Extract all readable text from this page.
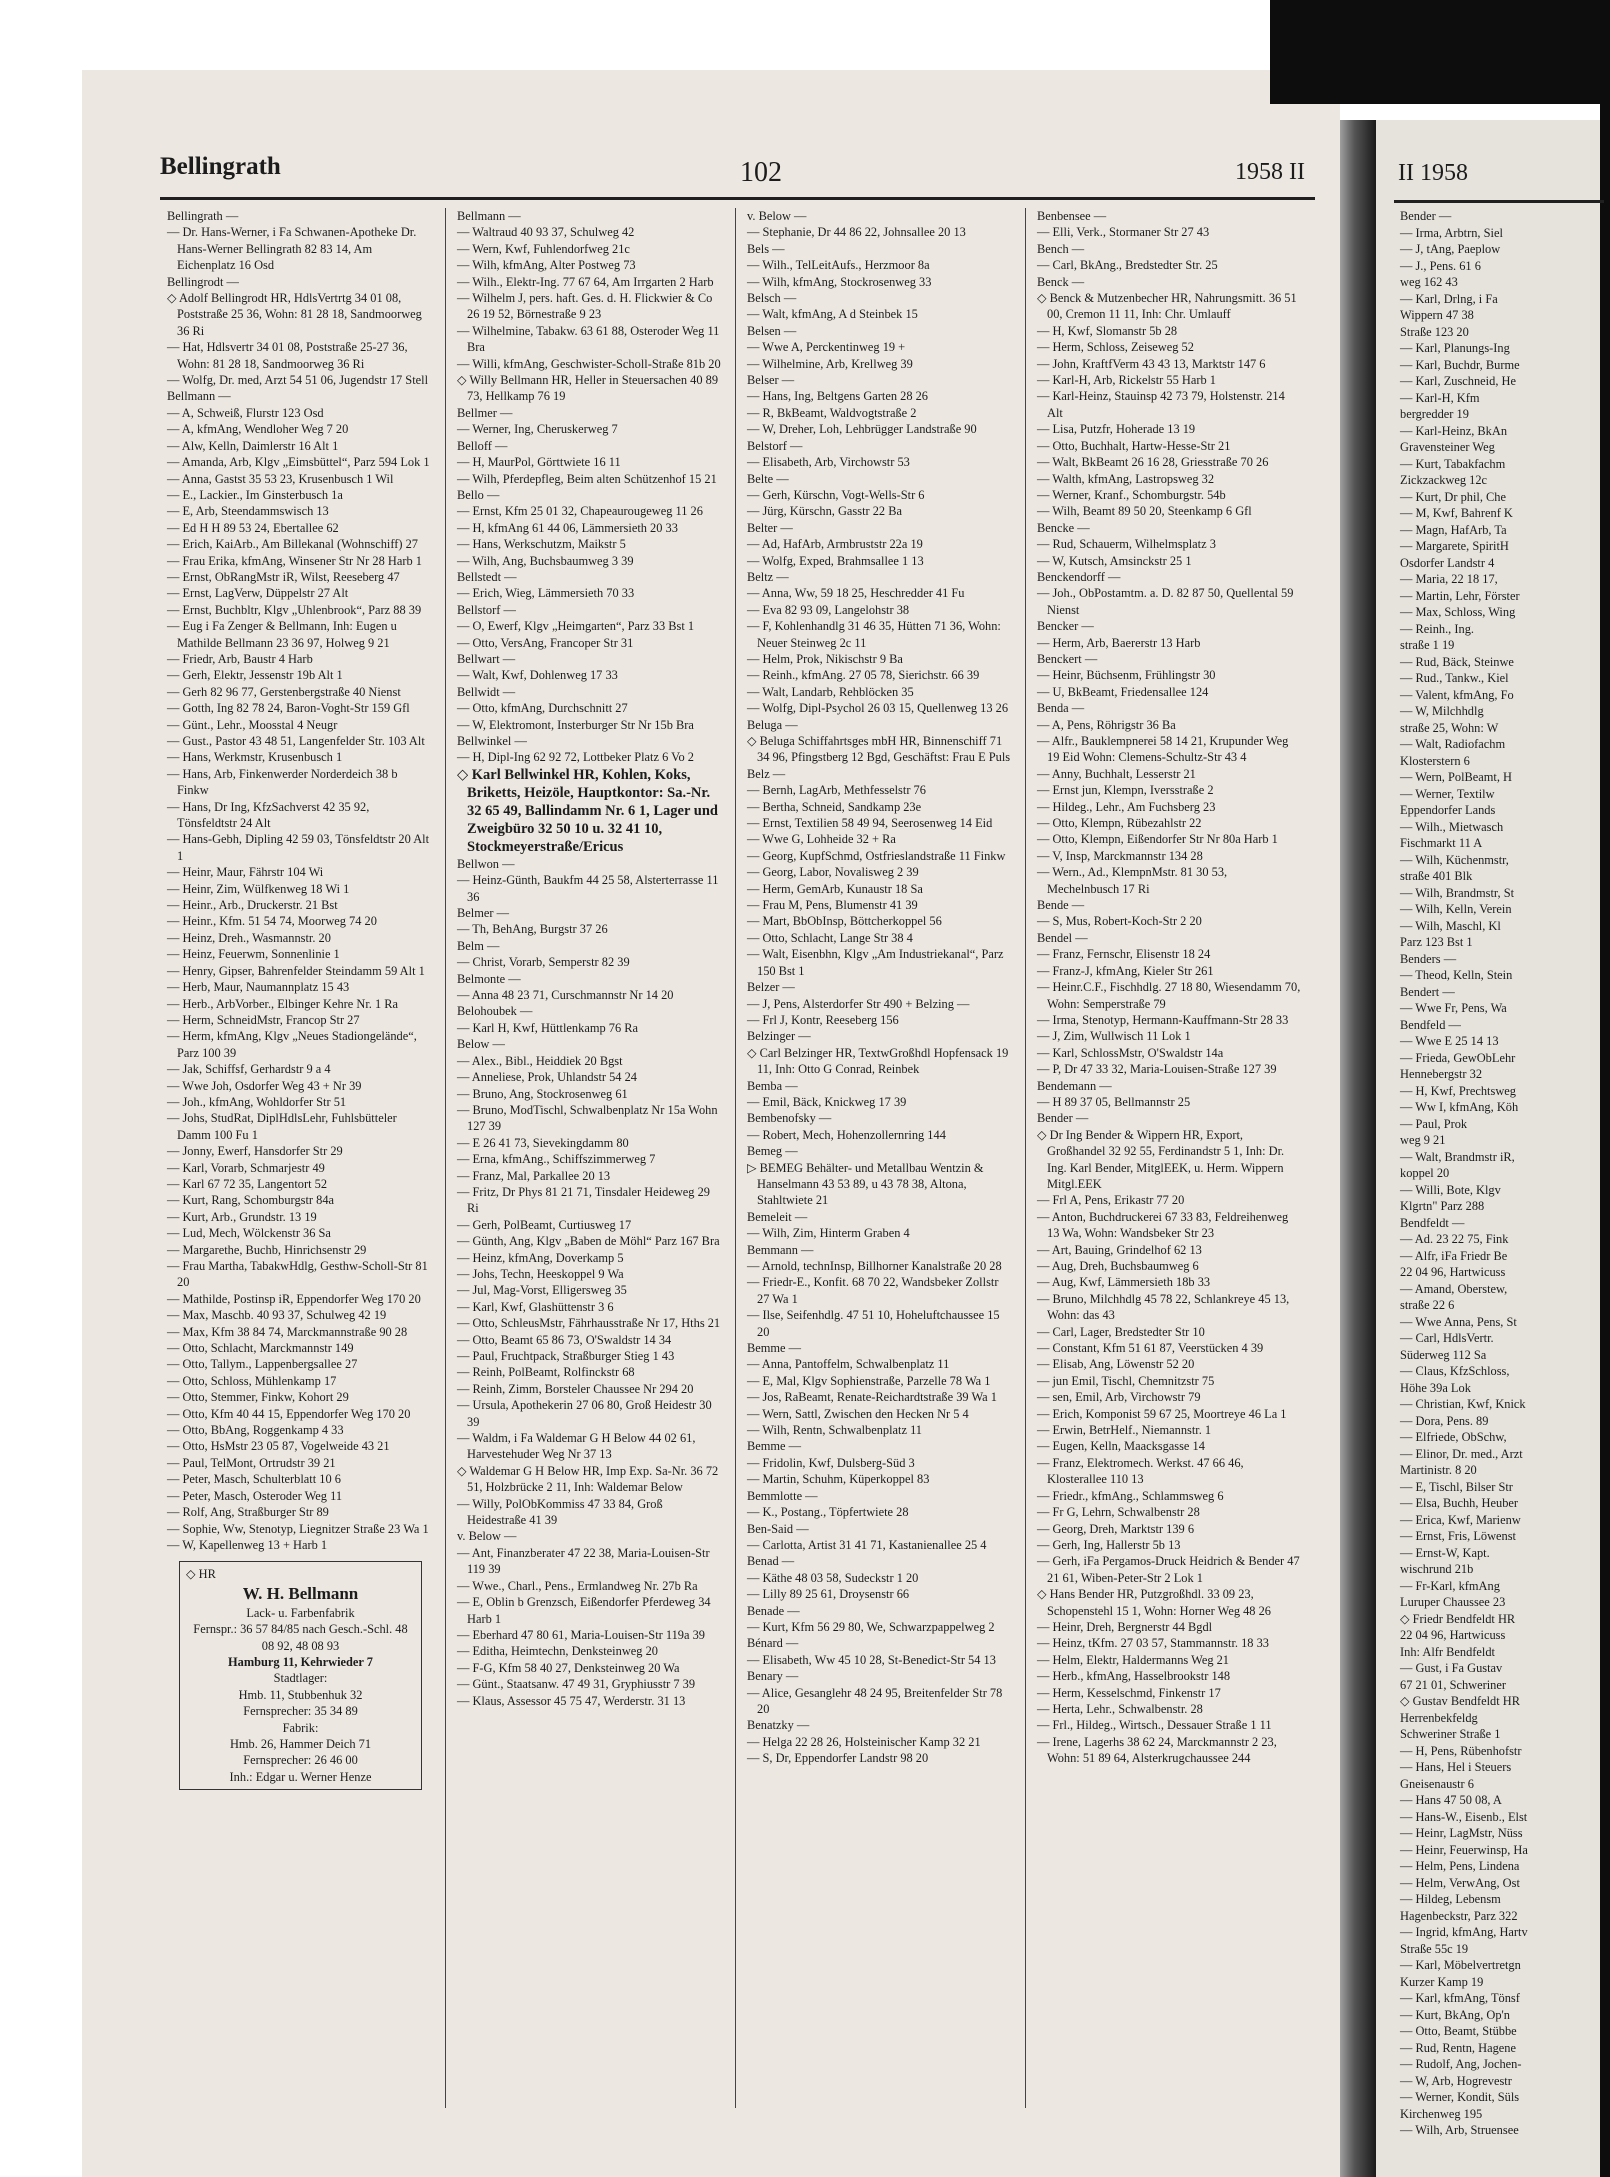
II 1958

Bender —

— Irma, Arbtrn, Siel

— J, tAng, Paeplow

— J., Pens. 61 6

weg 162 43

— Karl, Drlng, i Fa

Wippern 47 38

Straße 123 20

— Karl, Planungs-Ing

— Karl, Buchdr, Burme

— Karl, Zuschneid, He

— Karl-H, Kfm

bergredder 19

— Karl-Heinz, BkAn

Gravensteiner Weg

— Kurt, Tabakfachm

Zickzackweg 12c

— Kurt, Dr phil, Che

— M, Kwf, Bahrenf K

— Magn, HafArb, Ta

— Margarete, SpiritH

Osdorfer Landstr 4

— Maria, 22 18 17,

— Martin, Lehr, Förster

— Max, Schloss, Wing

— Reinh., Ing.

straße 1 19

— Rud, Bäck, Steinwe

— Rud., Tankw., Kiel

— Valent, kfmAng, Fo

— W, Milchhdlg

straße 25, Wohn: W

— Walt, Radiofachm

Klosterstern 6

— Wern, PolBeamt, H

— Werner, Textilw

Eppendorfer Lands

— Wilh., Mietwasch

Fischmarkt 11 A

— Wilh, Küchenmstr,

straße 401 Blk

— Wilh, Brandmstr, St

— Wilh, Kelln, Verein

— Wilh, Maschl, Kl

Parz 123 Bst 1

Benders —

— Theod, Kelln, Stein

Bendert —

— Wwe Fr, Pens, Wa

Bendfeld —

— Wwe E 25 14 13

— Frieda, GewObLehr

Hennebergstr 32

— H, Kwf, Prechtsweg

— Ww I, kfmAng, Köh

— Paul, Prok

weg 9 21

— Walt, Brandmstr iR,

koppel 20

— Willi, Bote, Klgv

Klgrtn" Parz 288

Bendfeldt —

— Ad. 23 22 75, Fink

— Alfr, iFa Friedr Be

22 04 96, Hartwicuss

— Amand, Oberstew,

straße 22 6

— Wwe Anna, Pens, St

— Carl, HdlsVertr.

Süderweg 112 Sa

— Claus, KfzSchloss,

Höhe 39a Lok

— Christian, Kwf, Knick

— Dora, Pens. 89

— Elfriede, ObSchw,

— Elinor, Dr. med., Arzt

Martinistr. 8 20

— E, Tischl, Bilser Str

— Elsa, Buchh, Heuber

— Erica, Kwf, Marienw

— Ernst, Fris, Löwenst

— Ernst-W, Kapt.

wischrund 21b

— Fr-Karl, kfmAng

Luruper Chaussee 23

◇ Friedr Bendfeldt HR

22 04 96, Hartwicuss

Inh: Alfr Bendfeldt

— Gust, i Fa Gustav

67 21 01, Schweriner

◇ Gustav Bendfeldt HR

Herrenbekfeldg

Schweriner Straße 1

— H, Pens, Rübenhofstr

— Hans, Hel i Steuers

Gneisenaustr 6

— Hans 47 50 08, A

— Hans-W., Eisenb., Elst

— Heinr, LagMstr, Nüss

— Heinr, Feuerwinsp, Ha

— Helm, Pens, Lindena

— Helm, VerwAng, Ost

— Hildeg, Lebensm

Hagenbeckstr, Parz 322

— Ingrid, kfmAng, Hartv

Straße 55c 19

— Karl, Möbelvertretgn

Kurzer Kamp 19

— Karl, kfmAng, Tönsf

— Kurt, BkAng, Op'n

— Otto, Beamt, Stübbe

— Rud, Rentn, Hagene

— Rudolf, Ang, Jochen-

— W, Arb, Hogrevestr

— Werner, Kondit, Süls

Kirchenweg 195

— Wilh, Arb, Struensee

Bellingrath	102	1958 II

Bellingrath —

— Dr. Hans-Werner, i Fa Schwanen-Apotheke Dr. Hans-Werner Bellingrath 82 83 14, Am Eichenplatz 16 Osd

Bellingrodt —

◇ Adolf Bellingrodt HR, HdlsVertrtg 34 01 08, Poststraße 25 36, Wohn: 81 28 18, Sandmoorweg 36 Ri

— Hat, Hdlsvertr 34 01 08, Poststraße 25-27 36, Wohn: 81 28 18, Sandmoorweg 36 Ri

— Wolfg, Dr. med, Arzt 54 51 06, Jugendstr 17 Stell

Bellmann —

— A, Schweiß, Flurstr 123 Osd

— A, kfmAng, Wendloher Weg 7 20

— Alw, Kelln, Daimlerstr 16 Alt 1

— Amanda, Arb, Klgv „Eimsbüttel“, Parz 594 Lok 1

— Anna, Gastst 35 53 23, Krusenbusch 1 Wil

— E., Lackier., Im Ginsterbusch 1a

— E, Arb, Steendammswisch 13

— Ed H H 89 53 24, Ebertallee 62

— Erich, KaiArb., Am Billekanal (Wohnschiff) 27

— Frau Erika, kfmAng, Winsener Str Nr 28 Harb 1

— Ernst, ObRangMstr iR, Wilst, Reeseberg 47

— Ernst, LagVerw, Düppelstr 27 Alt

— Ernst, Buchbltr, Klgv „Uhlenbrook“, Parz 88 39

— Eug i Fa Zenger & Bellmann, Inh: Eugen u Mathilde Bellmann 23 36 97, Holweg 9 21

— Friedr, Arb, Baustr 4 Harb

— Gerh, Elektr, Jessenstr 19b Alt 1

— Gerh 82 96 77, Gerstenbergstraße 40 Nienst

— Gotth, Ing 82 78 24, Baron-Voght-Str 159 Gfl

— Günt., Lehr., Moosstal 4 Neugr

— Gust., Pastor 43 48 51, Langenfelder Str. 103 Alt

— Hans, Werkmstr, Krusenbusch 1

— Hans, Arb, Finkenwerder Norderdeich 38 b Finkw

— Hans, Dr Ing, KfzSachverst 42 35 92, Tönsfeldtstr 24 Alt

— Hans-Gebh, Dipling 42 59 03, Tönsfeldtstr 20 Alt 1

— Heinr, Maur, Fährstr 104 Wi

— Heinr, Zim, Wülfkenweg 18 Wi 1

— Heinr., Arb., Druckerstr. 21 Bst

— Heinr., Kfm. 51 54 74, Moorweg 74 20

— Heinz, Dreh., Wasmannstr. 20

— Heinz, Feuerwm, Sonnenlinie 1

— Henry, Gipser, Bahrenfelder Steindamm 59 Alt 1

— Herb, Maur, Naumannplatz 15 43

— Herb., ArbVorber., Elbinger Kehre Nr. 1 Ra

— Herm, SchneidMstr, Francop Str 27

— Herm, kfmAng, Klgv „Neues Stadiongelände“, Parz 100 39

— Jak, Schiffsf, Gerhardstr 9 a 4

— Wwe Joh, Osdorfer Weg 43 + Nr 39

— Joh., kfmAng, Wohldorfer Str 51

— Johs, StudRat, DiplHdlsLehr, Fuhlsbütteler Damm 100 Fu 1

— Jonny, Ewerf, Hansdorfer Str 29

— Karl, Vorarb, Schmarjestr 49

— Karl 67 72 35, Langentort 52

— Kurt, Rang, Schomburgstr 84a

— Kurt, Arb., Grundstr. 13 19

— Lud, Mech, Wölckenstr 36 Sa

— Margarethe, Buchb, Hinrichsenstr 29

— Frau Martha, TabakwHdlg, Gesthw-Scholl-Str 81 20

— Mathilde, Postinsp iR, Eppendorfer Weg 170 20

— Max, Maschb. 40 93 37, Schulweg 42 19

— Max, Kfm 38 84 74, Marckmannstraße 90 28

— Otto, Schlacht, Marckmannstr 149

— Otto, Tallym., Lappenbergsallee 27

— Otto, Schloss, Mühlenkamp 17

— Otto, Stemmer, Finkw, Kohort 29

— Otto, Kfm 40 44 15, Eppendorfer Weg 170 20

— Otto, BbAng, Roggenkamp 4 33

— Otto, HsMstr 23 05 87, Vogelweide 43 21

— Paul, TelMont, Ortrudstr 39 21

— Peter, Masch, Schulterblatt 10 6

— Peter, Masch, Osteroder Weg 11

— Rolf, Ang, Straßburger Str 89

— Sophie, Ww, Stenotyp, Liegnitzer Straße 23 Wa 1

— W, Kapellenweg 13 + Harb 1

◇ HR
W. H. Bellmann
Lack- u. Farbenfabrik
Fernspr.: 36 57 84/85 nach Gesch.-Schl. 48 08 92, 48 08 93
Hamburg 11, Kehrwieder 7
Stadtlager:
Hmb. 11, Stubbenhuk 32
Fernsprecher: 35 34 89
Fabrik:
Hmb. 26, Hammer Deich 71
Fernsprecher: 26 46 00
Inh.: Edgar u. Werner Henze

Bellmann —

— Waltraud 40 93 37, Schulweg 42

— Wern, Kwf, Fuhlendorfweg 21c

— Wilh, kfmAng, Alter Postweg 73

— Wilh., Elektr-Ing. 77 67 64, Am Irrgarten 2 Harb

— Wilhelm J, pers. haft. Ges. d. H. Flickwier & Co 26 19 52, Börnestraße 9 23

— Wilhelmine, Tabakw. 63 61 88, Osteroder Weg 11 Bra

— Willi, kfmAng, Geschwister-Scholl-Straße 81b 20

◇ Willy Bellmann HR, Heller in Steuersachen 40 89 73, Hellkamp 76 19

Bellmer —

— Werner, Ing, Cheruskerweg 7

Belloff —

— H, MaurPol, Görttwiete 16 11

— Wilh, Pferdepfleg, Beim alten Schützenhof 15 21

Bello —

— Ernst, Kfm 25 01 32, Chapeaurougeweg 11 26

— H, kfmAng 61 44 06, Lämmersieth 20 33

— Hans, Werkschutzm, Maikstr 5

— Wilh, Ang, Buchsbaumweg 3 39

Bellstedt —

— Erich, Wieg, Lämmersieth 70 33

Bellstorf —

— O, Ewerf, Klgv „Heimgarten“, Parz 33 Bst 1

— Otto, VersAng, Francoper Str 31

Bellwart —

— Walt, Kwf, Dohlenweg 17 33

Bellwidt —

— Otto, kfmAng, Durchschnitt 27

— W, Elektromont, Insterburger Str Nr 15b Bra

Bellwinkel —

— H, Dipl-Ing 62 92 72, Lottbeker Platz 6 Vo 2

◇ Karl Bellwinkel HR, Kohlen, Koks, Briketts, Heizöle, Hauptkontor: Sa.-Nr. 32 65 49, Ballindamm Nr. 6 1, Lager und Zweigbüro 32 50 10 u. 32 41 10, Stockmeyerstraße/Ericus

Bellwon —

— Heinz-Günth, Baukfm 44 25 58, Alsterterrasse 11 36

Belmer —

— Th, BehAng, Burgstr 37 26

Belm —

— Christ, Vorarb, Semperstr 82 39

Belmonte —

— Anna 48 23 71, Curschmannstr Nr 14 20

Belohoubek —

— Karl H, Kwf, Hüttlenkamp 76 Ra

Below —

— Alex., Bibl., Heiddiek 20 Bgst

— Anneliese, Prok, Uhlandstr 54 24

— Bruno, Ang, Stockrosenweg 61

— Bruno, ModTischl, Schwalbenplatz Nr 15a Wohn 127 39

— E 26 41 73, Sievekingdamm 80

— Erna, kfmAng., Schiffszimmerweg 7

— Franz, Mal, Parkallee 20 13

— Fritz, Dr Phys 81 21 71, Tinsdaler Heideweg 29 Ri

— Gerh, PolBeamt, Curtiusweg 17

— Günth, Ang, Klgv „Baben de Möhl“ Parz 167 Bra

— Heinz, kfmAng, Doverkamp 5

— Johs, Techn, Heeskoppel 9 Wa

— Jul, Mag-Vorst, Elligersweg 35

— Karl, Kwf, Glashüttenstr 3 6

— Otto, SchleusMstr, Fährhausstraße Nr 17, Hths 21

— Otto, Beamt 65 86 73, O'Swaldstr 14 34

— Paul, Fruchtpack, Straßburger Stieg 1 43

— Reinh, PolBeamt, Rolfinckstr 68

— Reinh, Zimm, Borsteler Chaussee Nr 294 20

— Ursula, Apothekerin 27 06 80, Groß Heidestr 30 39

— Waldm, i Fa Waldemar G H Below 44 02 61, Harvestehuder Weg Nr 37 13

◇ Waldemar G H Below HR, Imp Exp. Sa-Nr. 36 72 51, Holzbrücke 2 11, Inh: Waldemar Below

— Willy, PolObKommiss 47 33 84, Groß Heidestraße 41 39

v. Below —

— Ant, Finanzberater 47 22 38, Maria-Louisen-Str 119 39

— Wwe., Charl., Pens., Ermlandweg Nr. 27b Ra

— E, Oblin b Grenzsch, Eißendorfer Pferdeweg 34 Harb 1

— Eberhard 47 80 61, Maria-Louisen-Str 119a 39

— Editha, Heimtechn, Denksteinweg 20

— F-G, Kfm 58 40 27, Denksteinweg 20 Wa

— Günt., Staatsanw. 47 49 31, Gryphiusstr 7 39

— Klaus, Assessor 45 75 47, Werderstr. 31 13

v. Below —

— Stephanie, Dr 44 86 22, Johnsallee 20 13

Bels —

— Wilh., TelLeitAufs., Herzmoor 8a

— Wilh, kfmAng, Stockrosenweg 33

Belsch —

— Walt, kfmAng, A d Steinbek 15

Belsen —

— Wwe A, Perckentinweg 19 +

— Wilhelmine, Arb, Krellweg 39

Belser —

— Hans, Ing, Beltgens Garten 28 26

— R, BkBeamt, Waldvogtstraße 2

— W, Dreher, Loh, Lehbrügger Landstraße 90

Belstorf —

— Elisabeth, Arb, Virchowstr 53

Belte —

— Gerh, Kürschn, Vogt-Wells-Str 6

— Jürg, Kürschn, Gasstr 22 Ba

Belter —

— Ad, HafArb, Armbruststr 22a 19

— Wolfg, Exped, Brahmsallee 1 13

Beltz —

— Anna, Ww, 59 18 25, Heschredder 41 Fu

— Eva 82 93 09, Langelohstr 38

— F, Kohlenhandlg 31 46 35, Hütten 71 36, Wohn: Neuer Steinweg 2c 11

— Helm, Prok, Nikischstr 9 Ba

— Reinh., kfmAng. 27 05 78, Sierichstr. 66 39

— Walt, Landarb, Rehblöcken 35

— Wolfg, Dipl-Psychol 26 03 15, Quellenweg 13 26

Beluga —

◇ Beluga Schiffahrtsges mbH HR, Binnenschiff 71 34 96, Pfingstberg 12 Bgd, Geschäftst: Frau E Puls

Belz —

— Bernh, LagArb, Methfesselstr 76

— Bertha, Schneid, Sandkamp 23e

— Ernst, Textilien 58 49 94, Seerosenweg 14 Eid

— Wwe G, Lohheide 32 + Ra

— Georg, KupfSchmd, Ostfrieslandstraße 11 Finkw

— Georg, Labor, Novalisweg 2 39

— Herm, GemArb, Kunaustr 18 Sa

— Frau M, Pens, Blumenstr 41 39

— Mart, BbObInsp, Böttcherkoppel 56

— Otto, Schlacht, Lange Str 38 4

— Walt, Eisenbhn, Klgv „Am Industriekanal“, Parz 150 Bst 1

Belzer —

— J, Pens, Alsterdorfer Str 490 + Belzing —

— Frl J, Kontr, Reeseberg 156

Belzinger —

◇ Carl Belzinger HR, TextwGroßhdl Hopfensack 19 11, Inh: Otto G Conrad, Reinbek

Bemba —

— Emil, Bäck, Knickweg 17 39

Bembenofsky —

— Robert, Mech, Hohenzollernring 144

Bemeg —

▷ BEMEG Behälter- und Metallbau Wentzin & Hanselmann 43 53 89, u 43 78 38, Altona, Stahltwiete 21

Bemeleit —

— Wilh, Zim, Hinterm Graben 4

Bemmann —

— Arnold, technInsp, Billhorner Kanalstraße 20 28

— Friedr-E., Konfit. 68 70 22, Wandsbeker Zollstr 27 Wa 1

— Ilse, Seifenhdlg. 47 51 10, Hoheluftchaussee 15 20

Bemme —

— Anna, Pantoffelm, Schwalbenplatz 11

— E, Mal, Klgv Sophienstraße, Parzelle 78 Wa 1

— Jos, RaBeamt, Renate-Reichardtstraße 39 Wa 1

— Wern, Sattl, Zwischen den Hecken Nr 5 4

— Wilh, Rentn, Schwalbenplatz 11

Bemme —

— Fridolin, Kwf, Dulsberg-Süd 3

— Martin, Schuhm, Küperkoppel 83

Bemmlotte —

— K., Postang., Töpfertwiete 28

Ben-Said —

— Carlotta, Artist 31 41 71, Kastanienallee 25 4

Benad —

— Käthe 48 03 58, Sudeckstr 1 20

— Lilly 89 25 61, Droysenstr 66

Benade —

— Kurt, Kfm 56 29 80, We, Schwarzpappelweg 2

Bénard —

— Elisabeth, Ww 45 10 28, St-Benedict-Str 54 13

Benary —

— Alice, Gesanglehr 48 24 95, Breitenfelder Str 78 20

Benatzky —

— Helga 22 28 26, Holsteinischer Kamp 32 21

— S, Dr, Eppendorfer Landstr 98 20

Benbensee —

— Elli, Verk., Stormaner Str 27 43

Bench —

— Carl, BkAng., Bredstedter Str. 25

Benck —

◇ Benck & Mutzenbecher HR, Nahrungsmitt. 36 51 00, Cremon 11 11, Inh: Chr. Umlauff

— H, Kwf, Slomanstr 5b 28

— Herm, Schloss, Zeiseweg 52

— John, KraftfVerm 43 43 13, Marktstr 147 6

— Karl-H, Arb, Rickelstr 55 Harb 1

— Karl-Heinz, Stauinsp 42 73 79, Holstenstr. 214 Alt

— Lisa, Putzfr, Hoherade 13 19

— Otto, Buchhalt, Hartw-Hesse-Str 21

— Walt, BkBeamt 26 16 28, Griesstraße 70 26

— Walth, kfmAng, Lastropsweg 32

— Werner, Kranf., Schomburgstr. 54b

— Wilh, Beamt 89 50 20, Steenkamp 6 Gfl

Bencke —

— Rud, Schauerm, Wilhelmsplatz 3

— W, Kutsch, Amsinckstr 25 1

Benckendorff —

— Joh., ObPostamtm. a. D. 82 87 50, Quellental 59 Nienst

Bencker —

— Herm, Arb, Baererstr 13 Harb

Benckert —

— Heinr, Büchsenm, Frühlingstr 30

— U, BkBeamt, Friedensallee 124

Benda —

— A, Pens, Röhrigstr 36 Ba

— Alfr., Bauklempnerei 58 14 21, Krupunder Weg 19 Eid Wohn: Clemens-Schultz-Str 43 4

— Anny, Buchhalt, Lesserstr 21

— Ernst jun, Klempn, Iversstraße 2

— Hildeg., Lehr., Am Fuchsberg 23

— Otto, Klempn, Rübezahlstr 22

— Otto, Klempn, Eißendorfer Str Nr 80a Harb 1

— V, Insp, Marckmannstr 134 28

— Wern., Ad., KlempnMstr. 81 30 53, Mechelnbusch 17 Ri

Bende —

— S, Mus, Robert-Koch-Str 2 20

Bendel —

— Franz, Fernschr, Elisenstr 18 24

— Franz-J, kfmAng, Kieler Str 261

— Heinr.C.F., Fischhdlg. 27 18 80, Wiesendamm 70, Wohn: Semperstraße 79

— Irma, Stenotyp, Hermann-Kauffmann-Str 28 33

— J, Zim, Wullwisch 11 Lok 1

— Karl, SchlossMstr, O'Swaldstr 14a

— P, Dr 47 33 32, Maria-Louisen-Straße 127 39

Bendemann —

— H 89 37 05, Bellmannstr 25

Bender —

◇ Dr Ing Bender & Wippern HR, Export, Großhandel 32 92 55, Ferdinandstr 5 1, Inh: Dr. Ing. Karl Bender, MitglEEK, u. Herm. Wippern Mitgl.EEK

— Frl A, Pens, Erikastr 77 20

— Anton, Buchdruckerei 67 33 83, Feldreihenweg 13 Wa, Wohn: Wandsbeker Str 23

— Art, Bauing, Grindelhof 62 13

— Aug, Dreh, Buchsbaumweg 6

— Aug, Kwf, Lämmersieth 18b 33

— Bruno, Milchhdlg 45 78 22, Schlankreye 45 13, Wohn: das 43

— Carl, Lager, Bredstedter Str 10

— Constant, Kfm 51 61 87, Veerstücken 4 39

— Elisab, Ang, Löwenstr 52 20

— jun Emil, Tischl, Chemnitzstr 75

— sen, Emil, Arb, Virchowstr 79

— Erich, Komponist 59 67 25, Moortreye 46 La 1

— Erwin, BetrHelf., Niemannstr. 1

— Eugen, Kelln, Maacksgasse 14

— Franz, Elektromech. Werkst. 47 66 46, Klosterallee 110 13

— Friedr., kfmAng., Schlammsweg 6

— Fr G, Lehrn, Schwalbenstr 28

— Georg, Dreh, Marktstr 139 6

— Gerh, Ing, Hallerstr 5b 13

— Gerh, iFa Pergamos-Druck Heidrich & Bender 47 21 61, Wiben-Peter-Str 2 Lok 1

◇ Hans Bender HR, Putzgroßhdl. 33 09 23, Schopenstehl 15 1, Wohn: Horner Weg 48 26

— Heinr, Dreh, Bergnerstr 44 Bgdl

— Heinz, tKfm. 27 03 57, Stammannstr. 18 33

— Helm, Elektr, Haldermanns Weg 21

— Herb., kfmAng, Hasselbrookstr 148

— Herm, Kesselschmd, Finkenstr 17

— Herta, Lehr., Schwalbenstr. 28

— Frl., Hildeg., Wirtsch., Dessauer Straße 1 11

— Irene, Lagerhs 38 62 24, Marckmannstr 2 23, Wohn: 51 89 64, Alsterkrugchaussee 244
